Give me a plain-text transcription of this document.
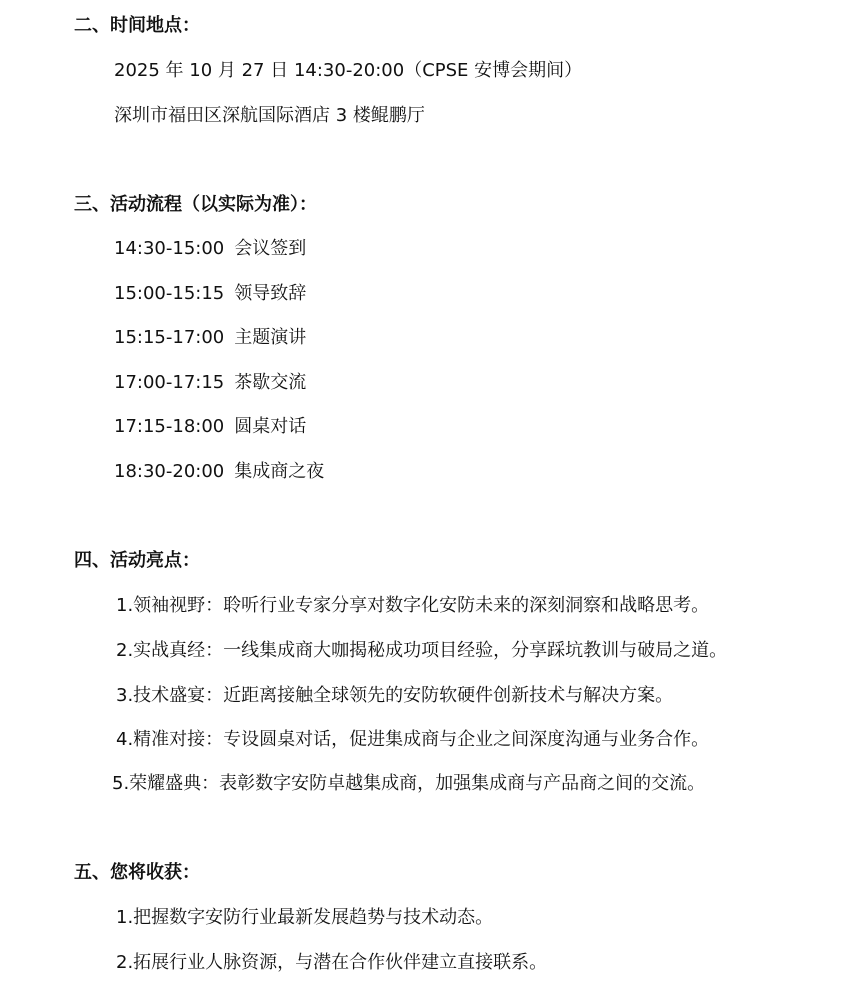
二、时间地点：
2025 年 10 月 27 日 14:30-20:00（CPSE 安博会期间）
深圳市福田区深航国际酒店 3 楼鲲鹏厅
三、活动流程（以实际为准）：
14:30-15:00 会议签到
15:00-15:15 领导致辞
15:15-17:00 主题演讲
17:00-17:15 茶歇交流
17:15-18:00 圆桌对话
18:30-20:00 集成商之夜
四、活动亮点：
1.领袖视野：聆听行业专家分享对数字化安防未来的深刻洞察和战略思考。
2.实战真经：一线集成商大咖揭秘成功项目经验，分享踩坑教训与破局之道。
3.技术盛宴：近距离接触全球领先的安防软硬件创新技术与解决方案。
4.精准对接：专设圆桌对话，促进集成商与企业之间深度沟通与业务合作。
5.荣耀盛典：表彰数字安防卓越集成商，加强集成商与产品商之间的交流。
五、您将收获：
1.把握数字安防行业最新发展趋势与技术动态。
2.拓展行业人脉资源，与潜在合作伙伴建立直接联系。
